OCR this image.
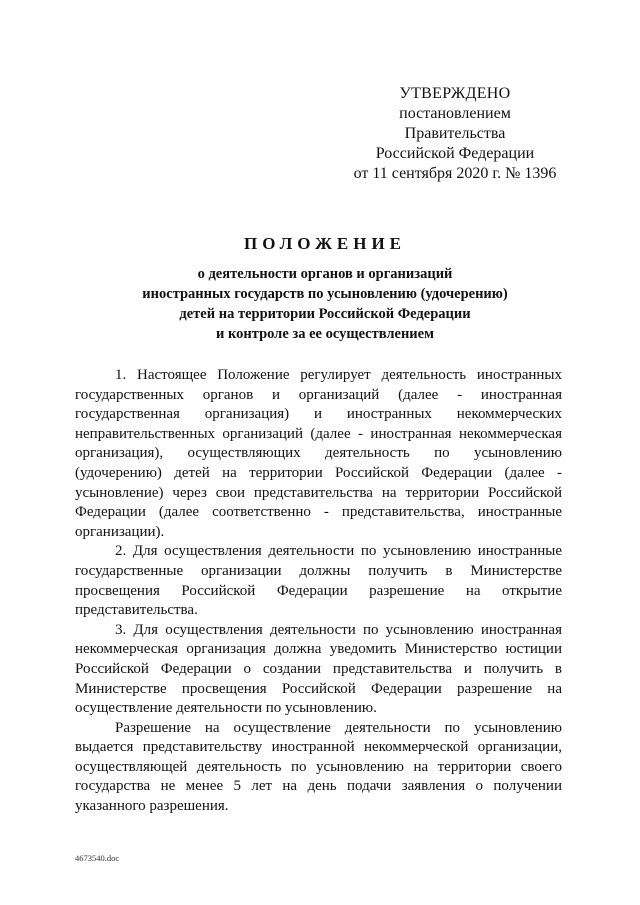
УТВЕРЖДЕНО
постановлением Правительства
Российской Федерации
от 11 сентября 2020 г. № 1396
ПОЛОЖЕНИЕ
о деятельности органов и организаций
иностранных государств по усыновлению (удочерению)
детей на территории Российской Федерации
и контроле за ее осуществлением

1. Настоящее Положение регулирует деятельность иностранных государственных органов и организаций (далее - иностранная государственная организация) и иностранных некоммерческих неправительственных организаций (далее - иностранная некоммерческая организация), осуществляющих деятельность по усыновлению (удочерению) детей на территории Российской Федерации (далее - усыновление) через свои представительства на территории Российской Федерации (далее соответственно - представительства, иностранные организации).

2. Для осуществления деятельности по усыновлению иностранные государственные организации должны получить в Министерстве просвещения Российской Федерации разрешение на открытие представительства.

3. Для осуществления деятельности по усыновлению иностранная некоммерческая организация должна уведомить Министерство юстиции Российской Федерации о создании представительства и получить в Министерстве просвещения Российской Федерации разрешение на осуществление деятельности по усыновлению.

Разрешение на осуществление деятельности по усыновлению выдается представительству иностранной некоммерческой организации, осуществляющей деятельность по усыновлению на территории своего государства не менее 5 лет на день подачи заявления о получении указанного разрешения.

4673540.doc
